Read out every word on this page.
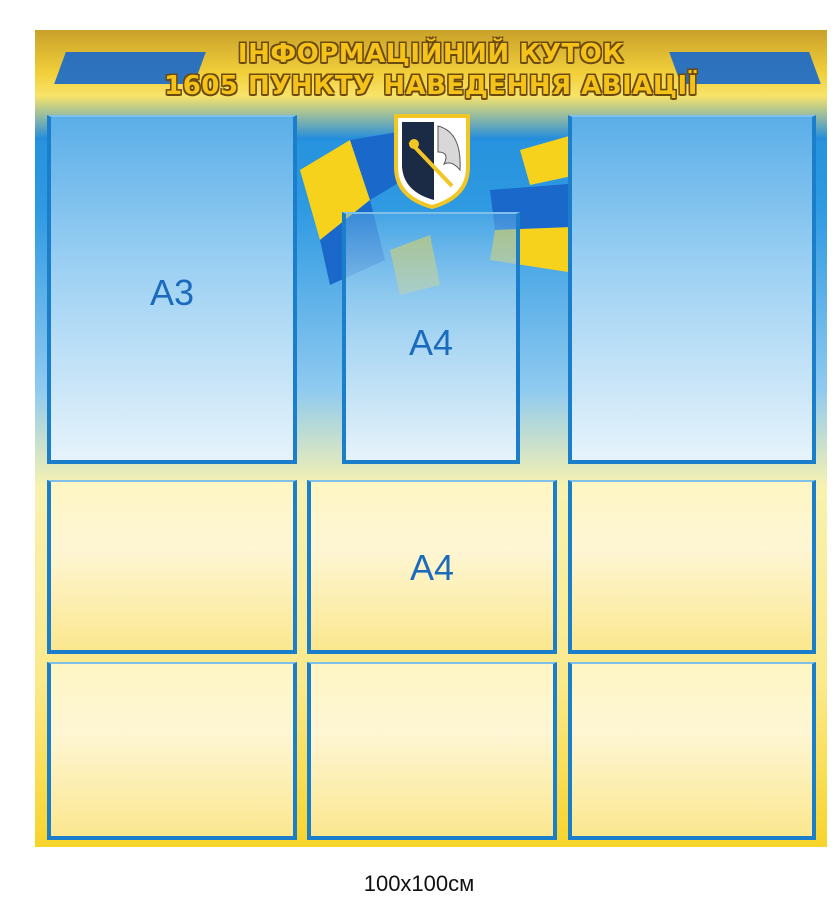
ІНФОРМАЦІЙНИЙ КУТОК
1605 ПУНКТУ НАВЕДЕННЯ АВІАЦІЇ
A3
A4
A4
100x100см
